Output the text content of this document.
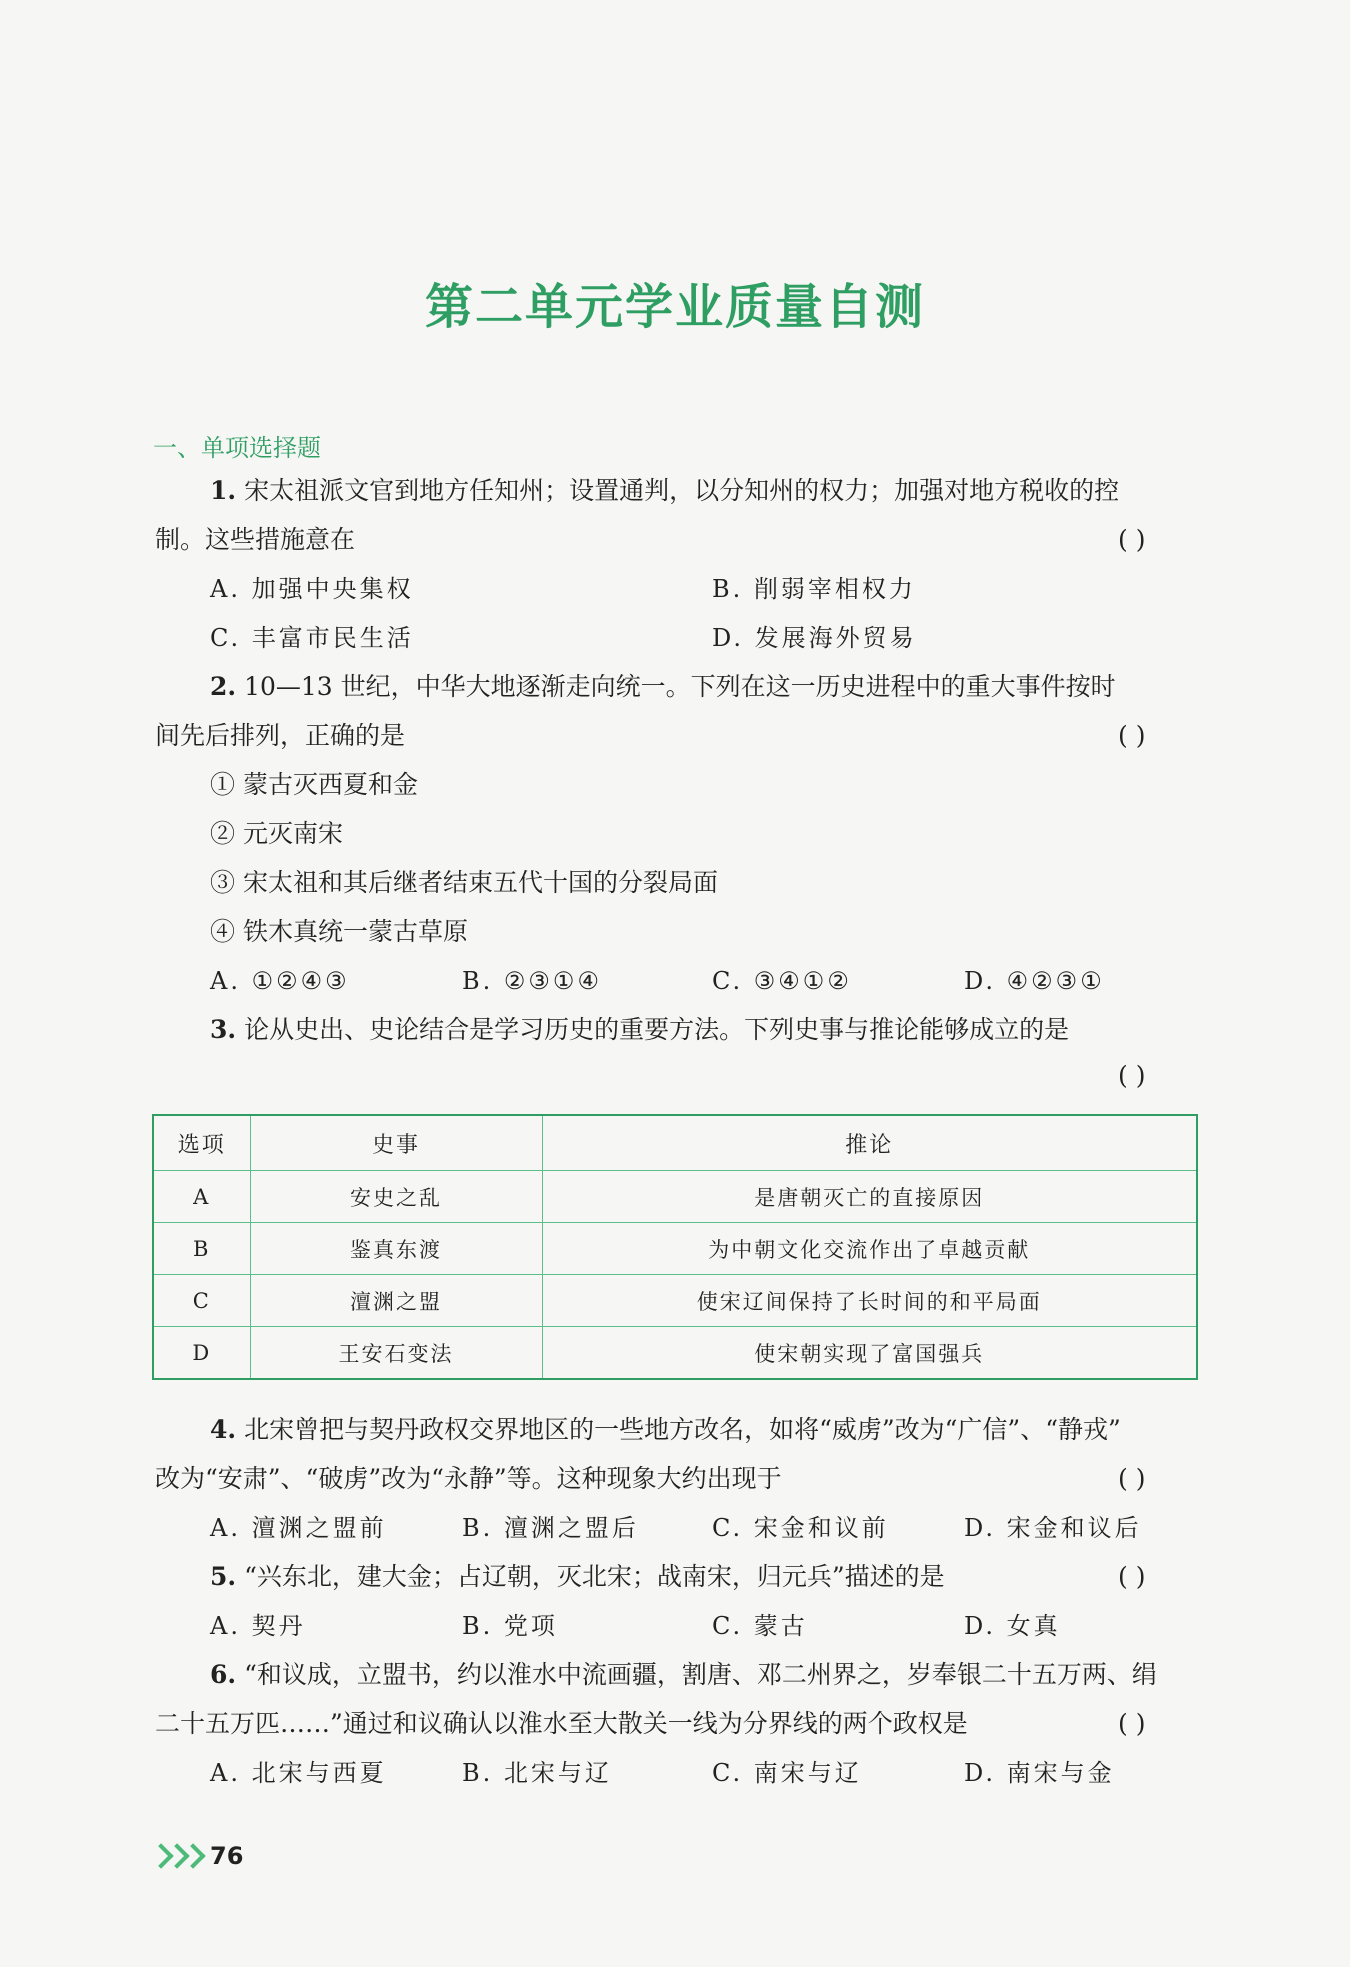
第二单元学业质量自测
一、单项选择题
1. 宋太祖派文官到地方任知州；设置通判，以分知州的权力；加强对地方税收的控
制。这些措施意在	( )
A. 加强中央集权	B. 削弱宰相权力
C. 丰富市民生活	D. 发展海外贸易
2. 10—13 世纪，中华大地逐渐走向统一。下列在这一历史进程中的重大事件按时
间先后排列，正确的是	( )
① 蒙古灭西夏和金
② 元灭南宋
③ 宋太祖和其后继者结束五代十国的分裂局面
④ 铁木真统一蒙古草原
A. ①②④③	B. ②③①④	C. ③④①②	D. ④②③①
3. 论从史出、史论结合是学习历史的重要方法。下列史事与推论能够成立的是
( )
选项	史事	推论
A	安史之乱	是唐朝灭亡的直接原因
B	鉴真东渡	为中朝文化交流作出了卓越贡献
C	澶渊之盟	使宋辽间保持了长时间的和平局面
D	王安石变法	使宋朝实现了富国强兵
4. 北宋曾把与契丹政权交界地区的一些地方改名，如将“威虏”改为“广信”、“静戎”
改为“安肃”、“破虏”改为“永静”等。这种现象大约出现于	( )
A. 澶渊之盟前	B. 澶渊之盟后	C. 宋金和议前	D. 宋金和议后
5. “兴东北，建大金；占辽朝，灭北宋；战南宋，归元兵”描述的是	( )
A. 契丹	B. 党项	C. 蒙古	D. 女真
6. “和议成，立盟书，约以淮水中流画疆，割唐、邓二州界之，岁奉银二十五万两、绢
二十五万匹……”通过和议确认以淮水至大散关一线为分界线的两个政权是	( )
A. 北宋与西夏	B. 北宋与辽	C. 南宋与辽	D. 南宋与金
76
